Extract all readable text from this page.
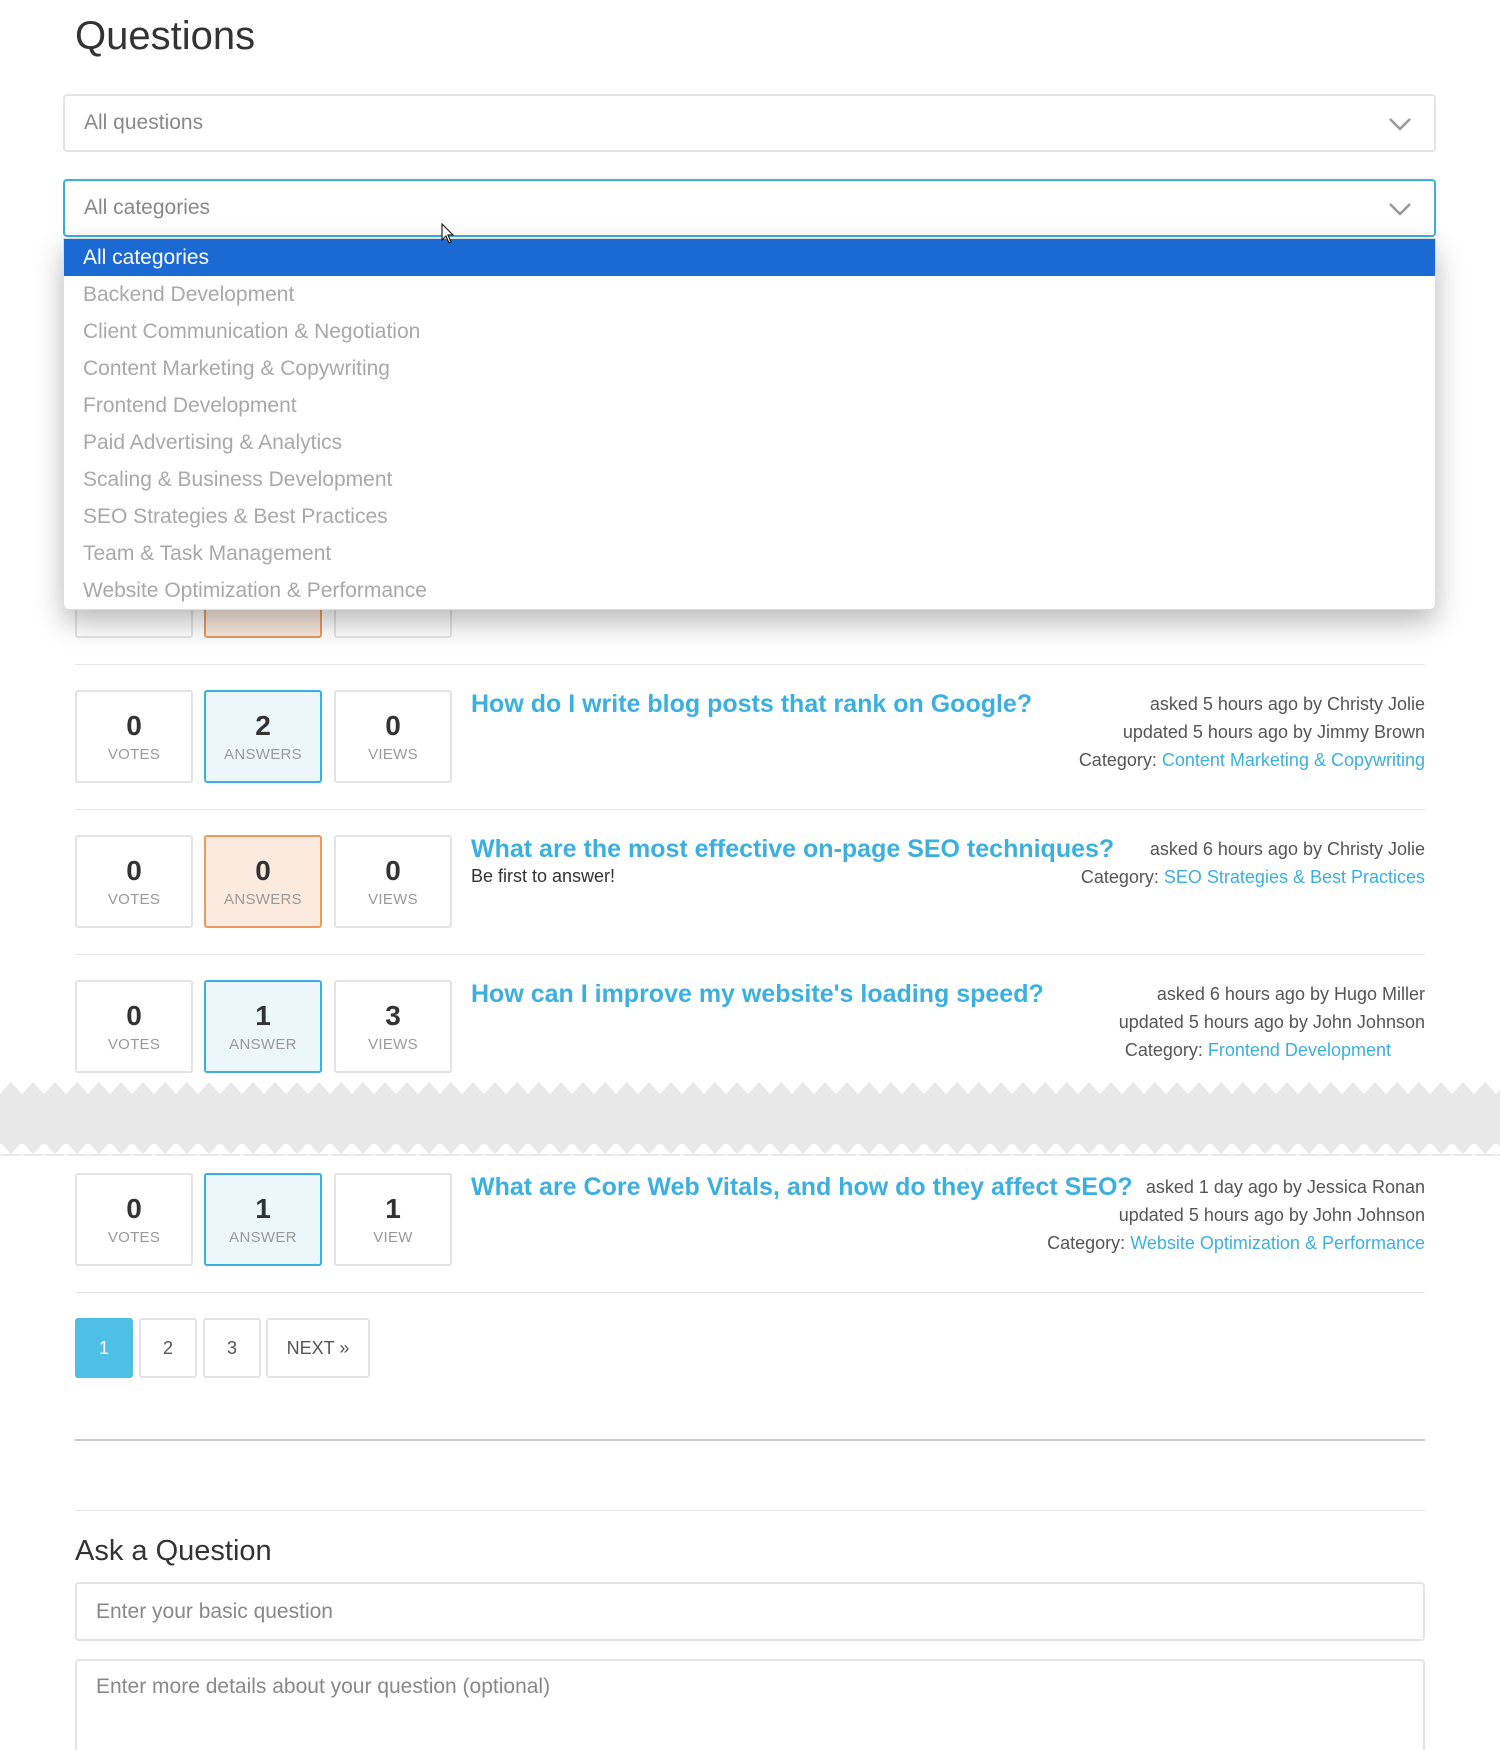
Questions
All questions
All categories
All categories
Backend Development
Client Communication & Negotiation
Content Marketing & Copywriting
Frontend Development
Paid Advertising & Analytics
Scaling & Business Development
SEO Strategies & Best Practices
Team & Task Management
Website Optimization & Performance
0
VOTES
2
ANSWERS
0
VIEWS
How do I write blog posts that rank on Google?	asked 5 hours ago by Christy Jolie
updated 5 hours ago by Jimmy Brown
Category: Content Marketing & Copywriting
0
VOTES
0
ANSWERS
0
VIEWS
What are the most effective on-page SEO techniques?
Be first to answer!
asked 6 hours ago by Christy Jolie
Category: SEO Strategies & Best Practices
0
VOTES
1
ANSWER
3
VIEWS
How can I improve my website's loading speed?	asked 6 hours ago by Hugo Miller
updated 5 hours ago by John Johnson
Category: Frontend Development
0
VOTES
1
ANSWER
1
VIEW
What are Core Web Vitals, and how do they affect SEO? asked 1 day ago by Jessica Ronan
updated 5 hours ago by John Johnson
Category: Website Optimization & Performance
1	2	3	NEXT »
Ask a Question
Enter your basic question
Enter more details about your question (optional)
